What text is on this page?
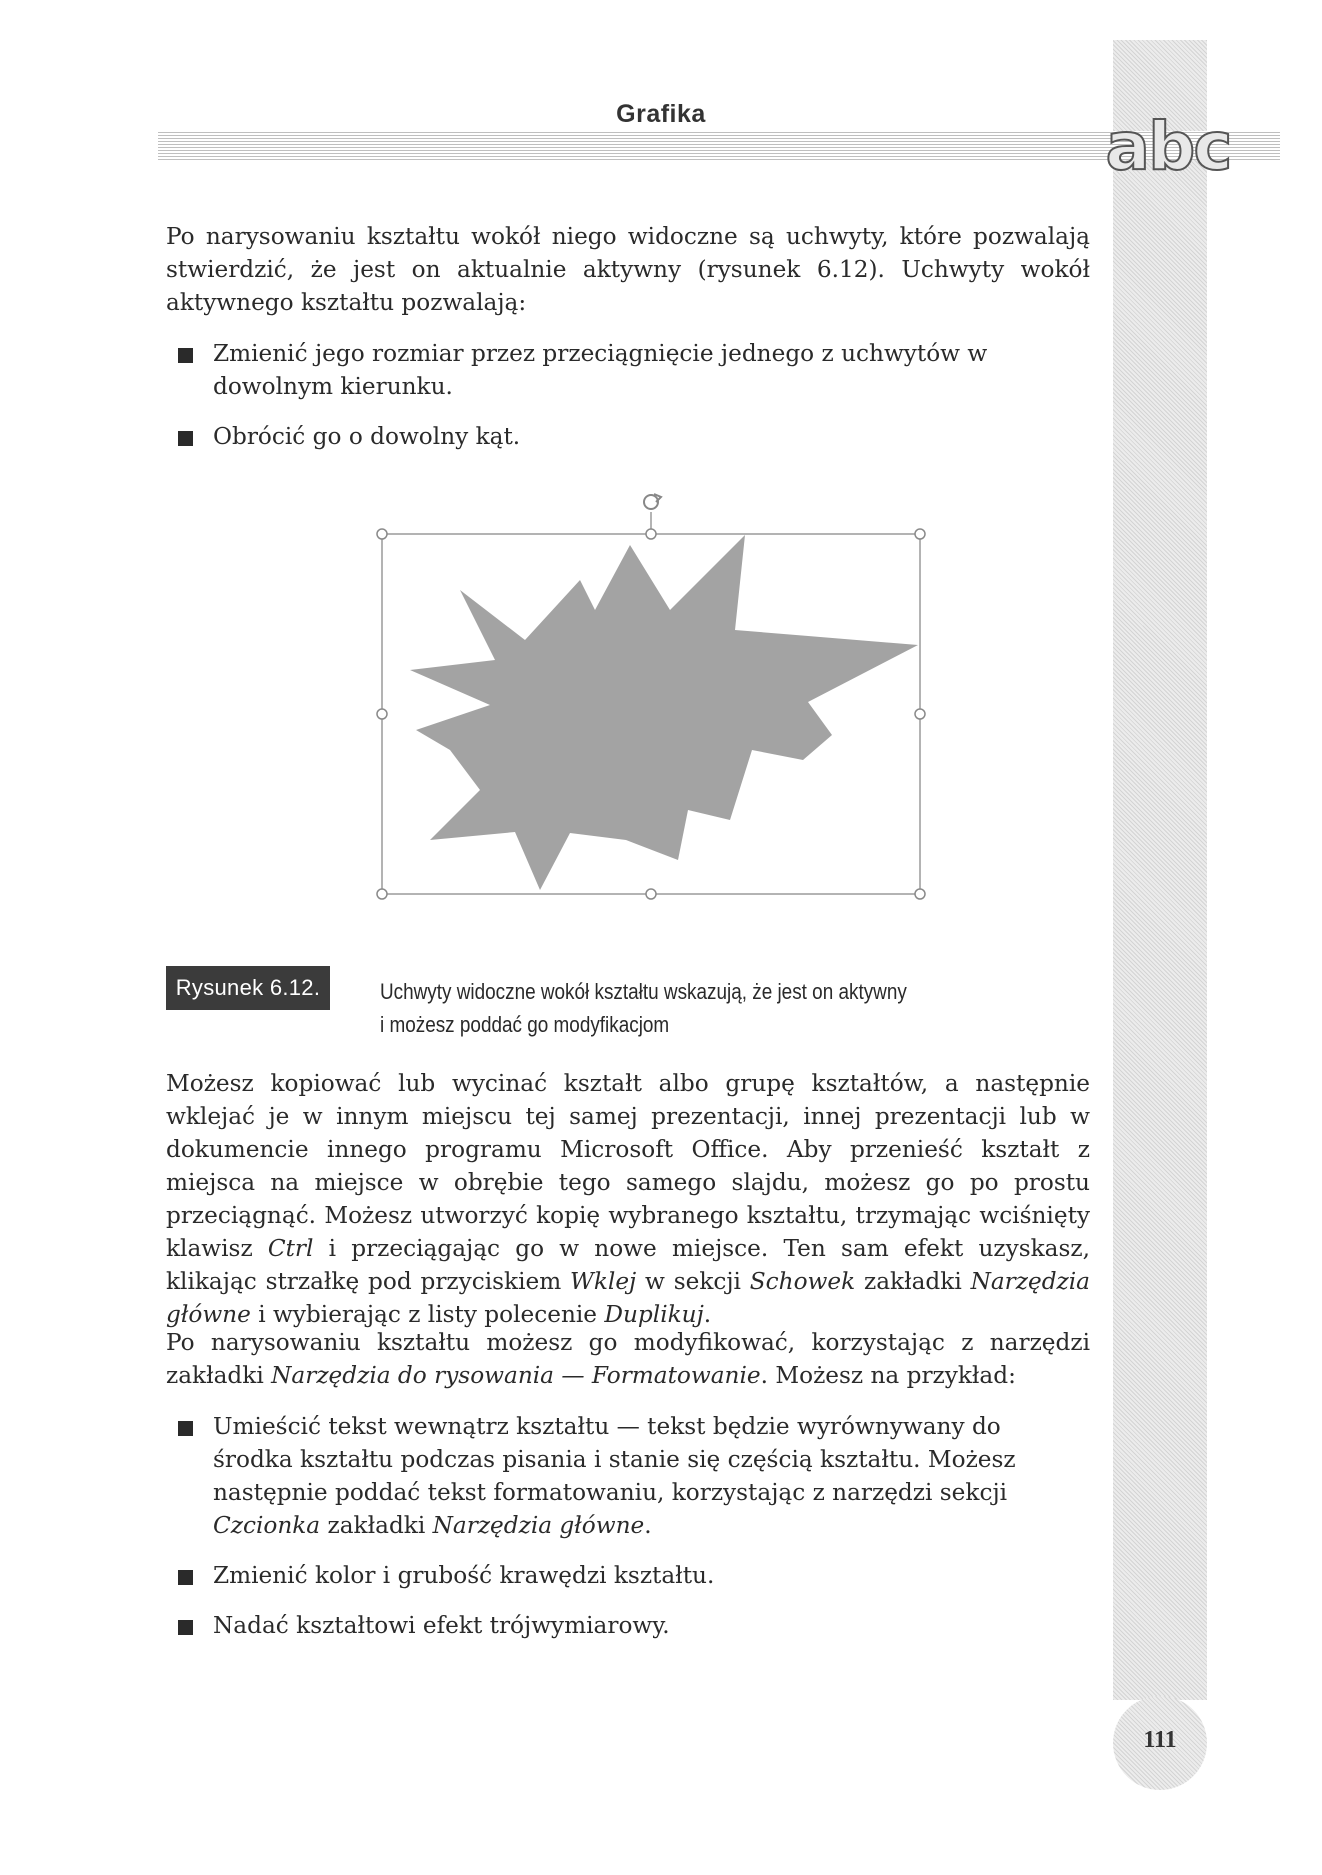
Grafika	abc

Po narysowaniu kształtu wokół niego widoczne są uchwyty, które pozwalają stwierdzić, że jest on aktualnie aktywny (rysunek 6.12). Uchwyty wokół aktywnego kształtu pozwalają:

Zmienić jego rozmiar przez przeciągnięcie jednego z uchwytów w dowolnym kierunku.
Obrócić go o dowolny kąt.
Rysunek 6.12.	Uchwyty widoczne wokół kształtu wskazują, że jest on aktywny
i możesz poddać go modyfikacjom

Możesz kopiować lub wycinać kształt albo grupę kształtów, a następnie wklejać je w innym miejscu tej samej prezentacji, innej prezentacji lub w dokumencie innego programu Microsoft Office. Aby przenieść kształt z miejsca na miejsce w obrębie tego samego slajdu, możesz go po prostu przeciągnąć. Możesz utworzyć kopię wybranego kształtu, trzymając wciśnięty klawisz Ctrl i przeciągając go w nowe miejsce. Ten sam efekt uzyskasz, klikając strzałkę pod przyciskiem Wklej w sekcji Schowek zakładki Narzędzia główne i wybierając z listy polecenie Duplikuj.

Po narysowaniu kształtu możesz go modyfikować, korzystając z narzędzi zakładki Narzędzia do rysowania — Formatowanie. Możesz na przykład:

Umieścić tekst wewnątrz kształtu — tekst będzie wyrównywany do środka kształtu podczas pisania i stanie się częścią kształtu. Możesz następnie poddać tekst formatowaniu, korzystając z narzędzi sekcji Czcionka zakładki Narzędzia główne.
Zmienić kolor i grubość krawędzi kształtu.
Nadać kształtowi efekt trójwymiarowy.
111
